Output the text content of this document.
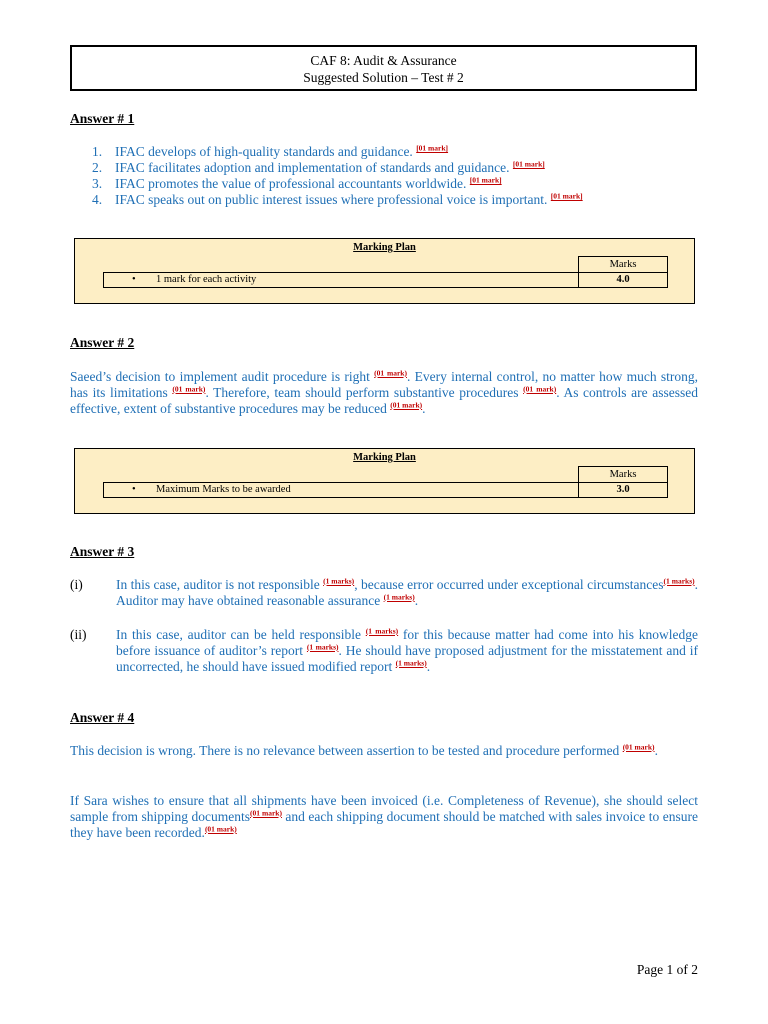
CAF 8: Audit & Assurance
Suggested Solution – Test # 2
Answer # 1
1. IFAC develops of high-quality standards and guidance. [01 mark]
2. IFAC facilitates adoption and implementation of standards and guidance. [01 mark]
3. IFAC promotes the value of professional accountants worldwide. [01 mark]
4. IFAC speaks out on public interest issues where professional voice is important. [01 mark]
Marking Plan
Marks
• 1 mark for each activity	4.0
Answer # 2
Saeed’s decision to implement audit procedure is right $^{(01 mark)}$. Every internal control, no matter how much strong, has its limitations $^{(01 mark)}$. Therefore, team should perform substantive procedures $^{(01 mark)}$. As controls are assessed effective, extent of substantive procedures may be reduced $^{(01 mark)}$.
Marking Plan
Marks
• Maximum Marks to be awarded	3.0
Answer # 3
(i) In this case, auditor is not responsible $^{(1 marks)}$, because error occurred under exceptional circumstances$^{(1 marks)}$. Auditor may have obtained reasonable assurance $^{(1 marks)}$.
(ii) In this case, auditor can be held responsible $^{(1 marks)}$ for this because matter had come into his knowledge before issuance of auditor’s report $^{(1 marks)}$. He should have proposed adjustment for the misstatement and if uncorrected, he should have issued modified report $^{(1 marks)}$.
Answer # 4
This decision is wrong. There is no relevance between assertion to be tested and procedure performed $^{(01 mark)}$.
If Sara wishes to ensure that all shipments have been invoiced (i.e. Completeness of Revenue), she should select sample from shipping documents$^{(01 mark)}$ and each shipping document should be matched with sales invoice to ensure they have been recorded.$^{(01 mark)}$
Page 1 of 2
